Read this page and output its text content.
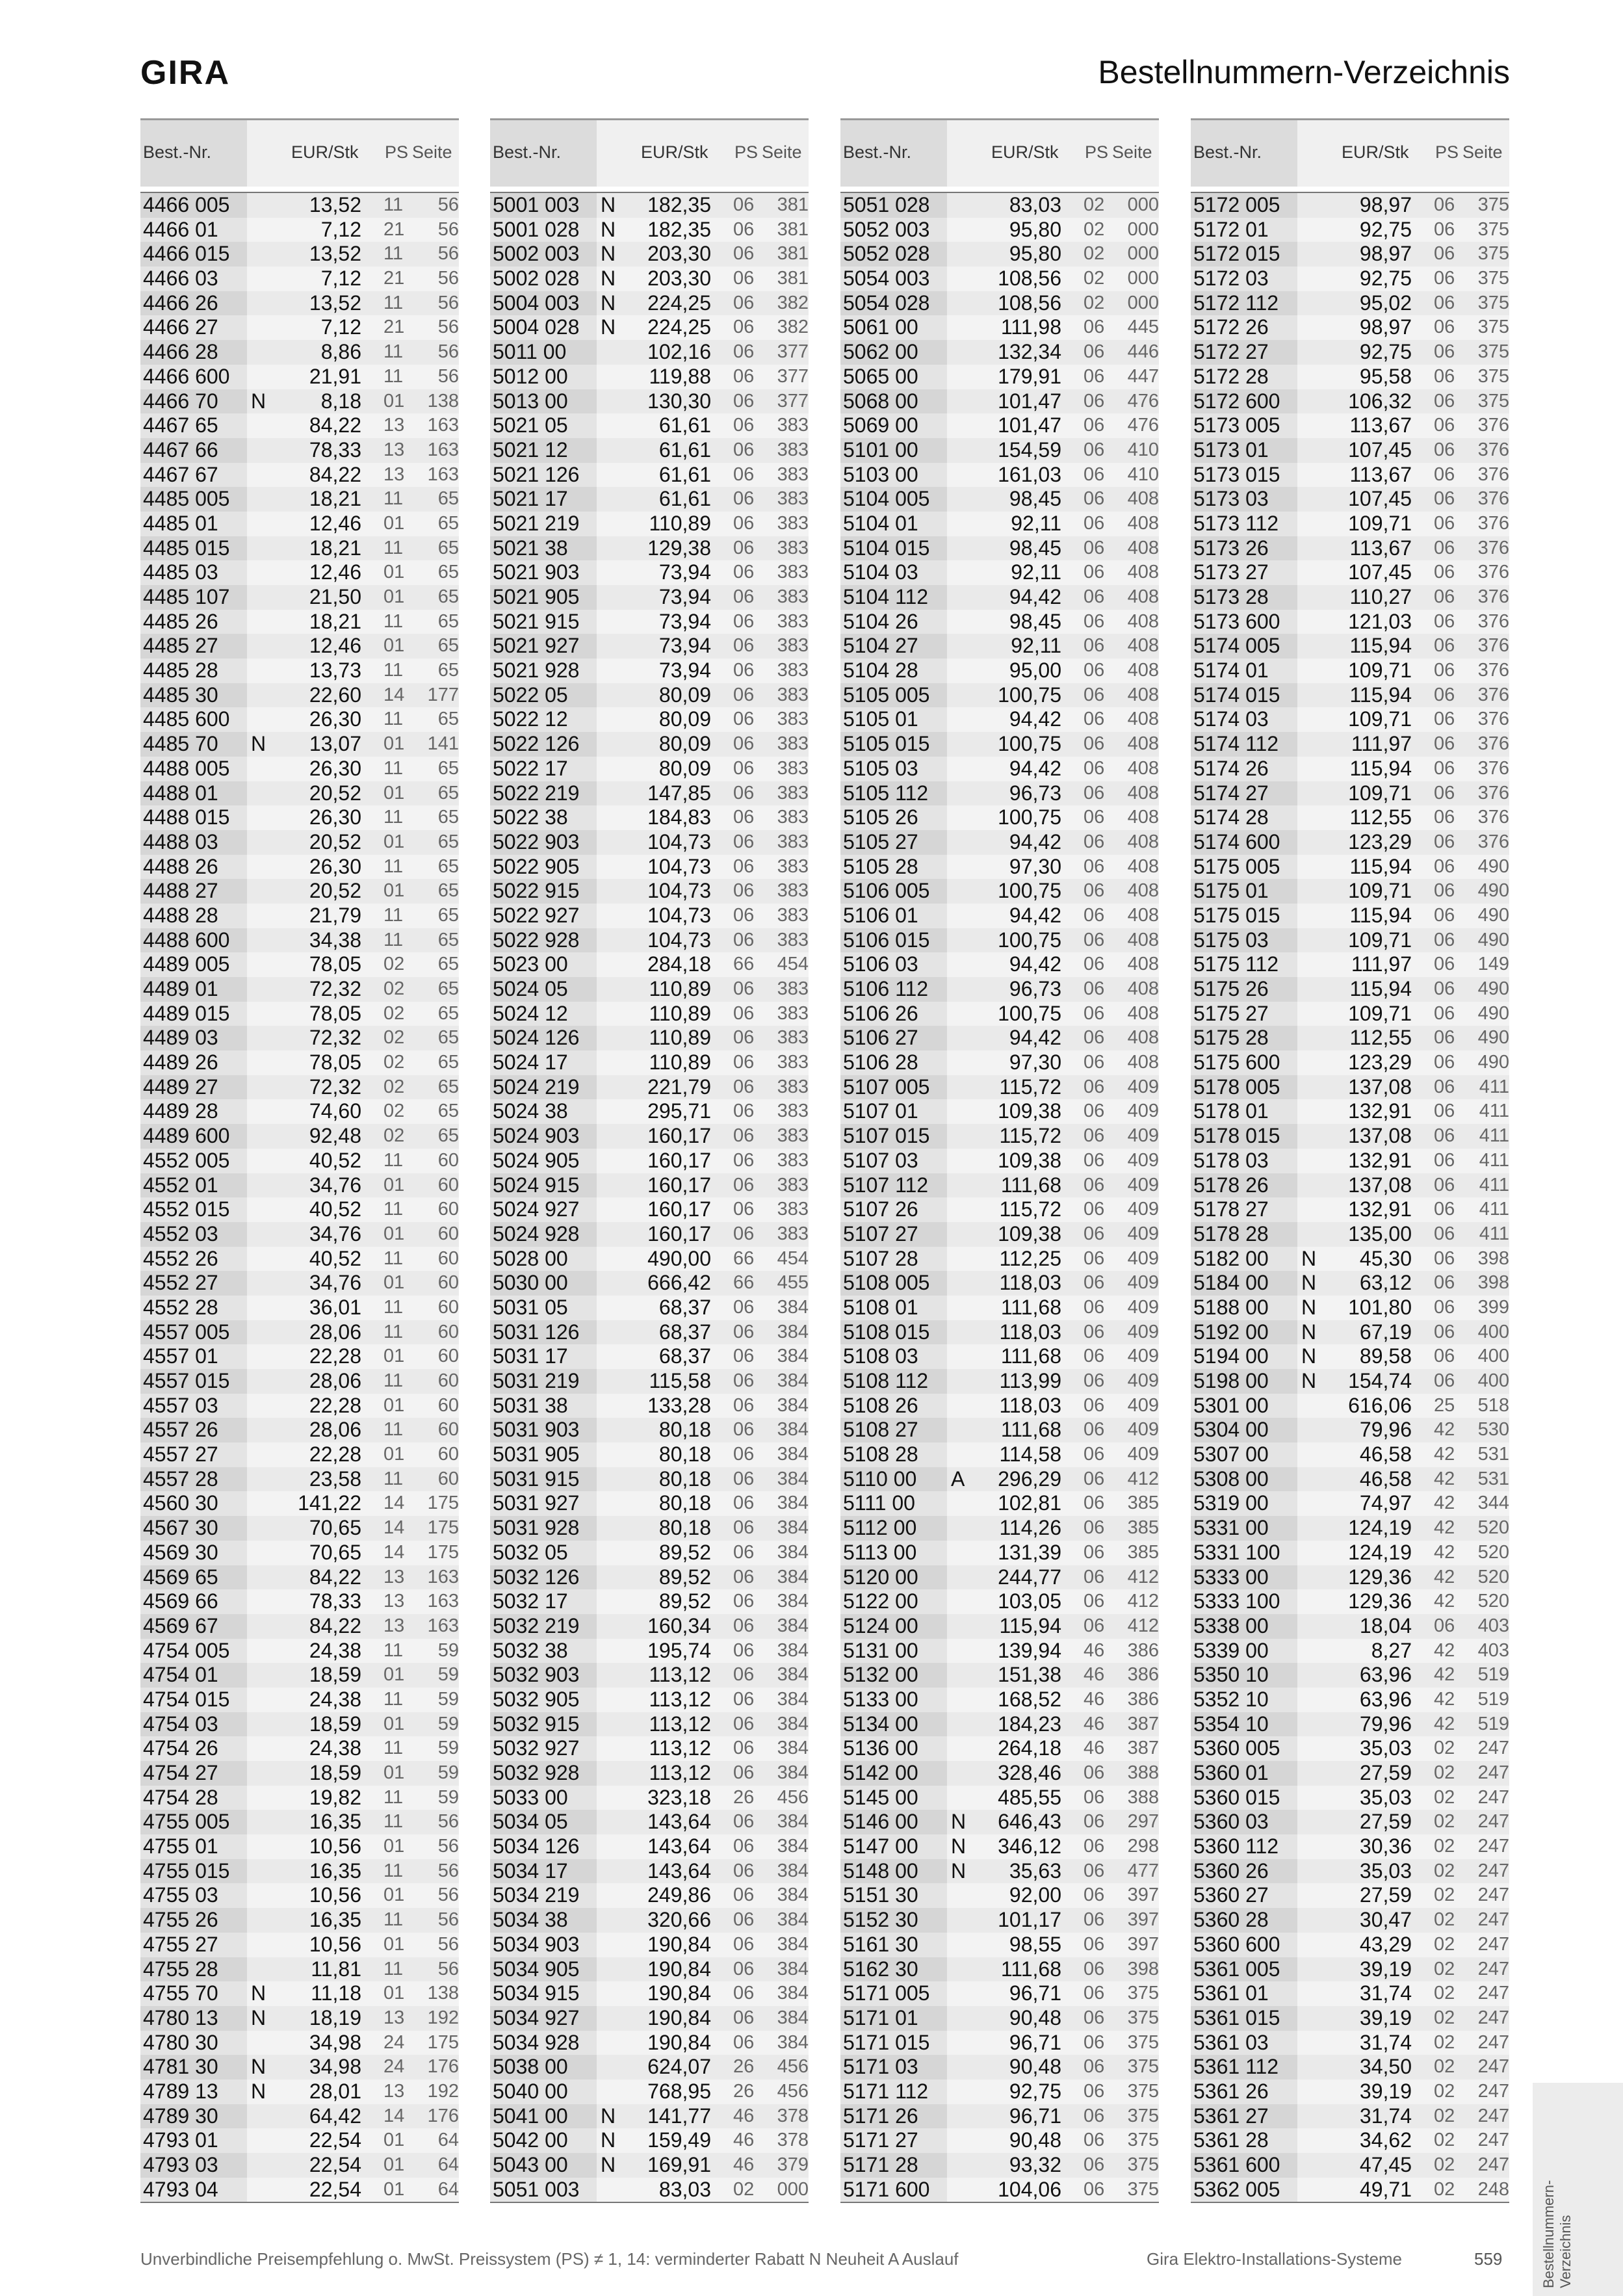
GIRA	Bestellnummern-Verzeichnis
Best.-Nr.	EUR/Stk PS Seite
4466 005	13,52 11 56
4466 01	7,12 21 56
4466 015	13,52 11 56
4466 03	7,12 21 56
4466 26	13,52 11 56
4466 27	7,12 21 56
4466 28	8,86 11 56
4466 600	21,91 11 56
4466 70 N	8,18 01 138
4467 65	84,22 13 163
4467 66	78,33 13 163
4467 67	84,22 13 163
4485 005	18,21 11 65
4485 01	12,46 01 65
4485 015	18,21 11 65
4485 03	12,46 01 65
4485 107	21,50 01 65
4485 26	18,21 11 65
4485 27	12,46 01 65
4485 28	13,73 11 65
4485 30	22,60 14 177
4485 600	26,30 11 65
4485 70 N 13,07 01 141
4488 005	26,30 11 65
4488 01	20,52 01 65
4488 015	26,30 11 65
4488 03	20,52 01 65
4488 26	26,30 11 65
4488 27	20,52 01 65
4488 28	21,79 11 65
4488 600	34,38 11 65
4489 005	78,05 02 65
4489 01	72,32 02 65
4489 015	78,05 02 65
4489 03	72,32 02 65
4489 26	78,05 02 65
4489 27	72,32 02 65
4489 28	74,60 02 65
4489 600	92,48 02 65
4552 005	40,52 11 60
4552 01	34,76 01 60
4552 015	40,52 11 60
4552 03	34,76 01 60
4552 26	40,52 11 60
4552 27	34,76 01 60
4552 28	36,01 11 60
4557 005	28,06 11 60
4557 01	22,28 01 60
4557 015	28,06 11 60
4557 03	22,28 01 60
4557 26	28,06 11 60
4557 27	22,28 01 60
4557 28	23,58 11 60
4560 30	141,22 14 175
4567 30	70,65 14 175
4569 30	70,65 14 175
4569 65	84,22 13 163
4569 66	78,33 13 163
4569 67	84,22 13 163
4754 005	24,38 11 59
4754 01	18,59 01 59
4754 015	24,38 11 59
4754 03	18,59 01 59
4754 26	24,38 11 59
4754 27	18,59 01 59
4754 28	19,82 11 59
4755 005	16,35 11 56
4755 01	10,56 01 56
4755 015	16,35 11 56
4755 03	10,56 01 56
4755 26	16,35 11 56
4755 27	10,56 01 56
4755 28	11,81 11 56
4755 70 N 11,18 01 138
4780 13 N 18,19 13 192
4780 30	34,98 24 175
4781 30 N 34,98 24 176
4789 13 N 28,01 13 192
4789 30	64,42 14 176
4793 01	22,54 01 64
4793 03	22,54 01 64
4793 04	22,54 01 64
Best.-Nr.	EUR/Stk PS Seite
5001 003 N 182,35 06 381
5001 028 N 182,35 06 381
5002 003 N 203,30 06 381
5002 028 N 203,30 06 381
5004 003 N 224,25 06 382
5004 028 N 224,25 06 382
5011 00	102,16 06 377
5012 00	119,88 06 377
5013 00	130,30 06 377
5021 05	61,61 06 383
5021 12	61,61 06 383
5021 126	61,61 06 383
5021 17	61,61 06 383
5021 219	110,89 06 383
5021 38	129,38 06 383
5021 903	73,94 06 383
5021 905	73,94 06 383
5021 915	73,94 06 383
5021 927	73,94 06 383
5021 928	73,94 06 383
5022 05	80,09 06 383
5022 12	80,09 06 383
5022 126	80,09 06 383
5022 17	80,09 06 383
5022 219	147,85 06 383
5022 38	184,83 06 383
5022 903	104,73 06 383
5022 905	104,73 06 383
5022 915	104,73 06 383
5022 927	104,73 06 383
5022 928	104,73 06 383
5023 00	284,18 66 454
5024 05	110,89 06 383
5024 12	110,89 06 383
5024 126	110,89 06 383
5024 17	110,89 06 383
5024 219	221,79 06 383
5024 38	295,71 06 383
5024 903	160,17 06 383
5024 905	160,17 06 383
5024 915	160,17 06 383
5024 927	160,17 06 383
5024 928	160,17 06 383
5028 00	490,00 66 454
5030 00	666,42 66 455
5031 05	68,37 06 384
5031 126	68,37 06 384
5031 17	68,37 06 384
5031 219	115,58 06 384
5031 38	133,28 06 384
5031 903	80,18 06 384
5031 905	80,18 06 384
5031 915	80,18 06 384
5031 927	80,18 06 384
5031 928	80,18 06 384
5032 05	89,52 06 384
5032 126	89,52 06 384
5032 17	89,52 06 384
5032 219	160,34 06 384
5032 38	195,74 06 384
5032 903	113,12 06 384
5032 905	113,12 06 384
5032 915	113,12 06 384
5032 927	113,12 06 384
5032 928	113,12 06 384
5033 00	323,18 26 456
5034 05	143,64 06 384
5034 126	143,64 06 384
5034 17	143,64 06 384
5034 219	249,86 06 384
5034 38	320,66 06 384
5034 903	190,84 06 384
5034 905	190,84 06 384
5034 915	190,84 06 384
5034 927	190,84 06 384
5034 928	190,84 06 384
5038 00	624,07 26 456
5040 00	768,95 26 456
5041 00 N 141,77 46 378
5042 00 N 159,49 46 378
5043 00 N 169,91 46 379
5051 003	83,03 02 000
Best.-Nr.	EUR/Stk PS Seite
5051 028	83,03 02 000
5052 003	95,80 02 000
5052 028	95,80 02 000
5054 003	108,56 02 000
5054 028	108,56 02 000
5061 00	111,98 06 445
5062 00	132,34 06 446
5065 00	179,91 06 447
5068 00	101,47 06 476
5069 00	101,47 06 476
5101 00	154,59 06 410
5103 00	161,03 06 410
5104 005	98,45 06 408
5104 01	92,11 06 408
5104 015	98,45 06 408
5104 03	92,11 06 408
5104 112	94,42 06 408
5104 26	98,45 06 408
5104 27	92,11 06 408
5104 28	95,00 06 408
5105 005	100,75 06 408
5105 01	94,42 06 408
5105 015	100,75 06 408
5105 03	94,42 06 408
5105 112	96,73 06 408
5105 26	100,75 06 408
5105 27	94,42 06 408
5105 28	97,30 06 408
5106 005	100,75 06 408
5106 01	94,42 06 408
5106 015	100,75 06 408
5106 03	94,42 06 408
5106 112	96,73 06 408
5106 26	100,75 06 408
5106 27	94,42 06 408
5106 28	97,30 06 408
5107 005	115,72 06 409
5107 01	109,38 06 409
5107 015	115,72 06 409
5107 03	109,38 06 409
5107 112	111,68 06 409
5107 26	115,72 06 409
5107 27	109,38 06 409
5107 28	112,25 06 409
5108 005	118,03 06 409
5108 01	111,68 06 409
5108 015	118,03 06 409
5108 03	111,68 06 409
5108 112	113,99 06 409
5108 26	118,03 06 409
5108 27	111,68 06 409
5108 28	114,58 06 409
5110 00 A 296,29 06 412
5111 00	102,81 06 385
5112 00	114,26 06 385
5113 00	131,39 06 385
5120 00	244,77 06 412
5122 00	103,05 06 412
5124 00	115,94 06 412
5131 00	139,94 46 386
5132 00	151,38 46 386
5133 00	168,52 46 386
5134 00	184,23 46 387
5136 00	264,18 46 387
5142 00	328,46 06 388
5145 00	485,55 06 388
5146 00 N 646,43 06 297
5147 00 N 346,12 06 298
5148 00 N 35,63 06 477
5151 30	92,00 06 397
5152 30	101,17 06 397
5161 30	98,55 06 397
5162 30	111,68 06 398
5171 005	96,71 06 375
5171 01	90,48 06 375
5171 015	96,71 06 375
5171 03	90,48 06 375
5171 112	92,75 06 375
5171 26	96,71 06 375
5171 27	90,48 06 375
5171 28	93,32 06 375
5171 600	104,06 06 375
Best.-Nr.	EUR/Stk PS Seite
5172 005	98,97 06 375
5172 01	92,75 06 375
5172 015	98,97 06 375
5172 03	92,75 06 375
5172 112	95,02 06 375
5172 26	98,97 06 375
5172 27	92,75 06 375
5172 28	95,58 06 375
5172 600	106,32 06 375
5173 005	113,67 06 376
5173 01	107,45 06 376
5173 015	113,67 06 376
5173 03	107,45 06 376
5173 112	109,71 06 376
5173 26	113,67 06 376
5173 27	107,45 06 376
5173 28	110,27 06 376
5173 600	121,03 06 376
5174 005	115,94 06 376
5174 01	109,71 06 376
5174 015	115,94 06 376
5174 03	109,71 06 376
5174 112	111,97 06 376
5174 26	115,94 06 376
5174 27	109,71 06 376
5174 28	112,55 06 376
5174 600	123,29 06 376
5175 005	115,94 06 490
5175 01	109,71 06 490
5175 015	115,94 06 490
5175 03	109,71 06 490
5175 112	111,97 06 149
5175 26	115,94 06 490
5175 27	109,71 06 490
5175 28	112,55 06 490
5175 600	123,29 06 490
5178 005	137,08 06 411
5178 01	132,91 06 411
5178 015	137,08 06 411
5178 03	132,91 06 411
5178 26	137,08 06 411
5178 27	132,91 06 411
5178 28	135,00 06 411
5182 00 N 45,30 06 398
5184 00 N 63,12 06 398
5188 00 N 101,80 06 399
5192 00 N 67,19 06 400
5194 00 N 89,58 06 400
5198 00 N 154,74 06 400
5301 00	616,06 25 518
5304 00	79,96 42 530
5307 00	46,58 42 531
5308 00	46,58 42 531
5319 00	74,97 42 344
5331 00	124,19 42 520
5331 100	124,19 42 520
5333 00	129,36 42 520
5333 100	129,36 42 520
5338 00	18,04 06 403
5339 00	8,27 42 403
5350 10	63,96 42 519
5352 10	63,96 42 519
5354 10	79,96 42 519
5360 005	35,03 02 247
5360 01	27,59 02 247
5360 015	35,03 02 247
5360 03	27,59 02 247
5360 112	30,36 02 247
5360 26	35,03 02 247
5360 27	27,59 02 247
5360 28	30,47 02 247
5360 600	43,29 02 247
5361 005	39,19 02 247
5361 01	31,74 02 247
5361 015	39,19 02 247
5361 03	31,74 02 247
5361 112	34,50 02 247
5361 26	39,19 02 247
5361 27	31,74 02 247
5361 28	34,62 02 247
5361 600	47,45 02 247
5362 005	49,71 02 248
Unverbindliche Preisempfehlung o. MwSt. Preissystem (PS) ≠ 1, 14: verminderter Rabatt N Neuheit A Auslauf	Gira Elektro-Installations-Systeme	559	Bestellnummern-
Verzeichnis
